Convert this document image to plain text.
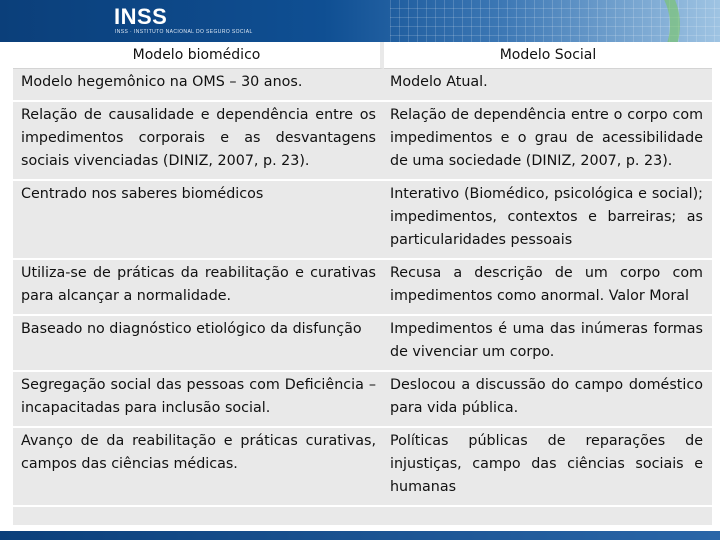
INSS
INSS · INSTITUTO NACIONAL DO SEGURO SOCIAL
Modelo biomédico	Modelo Social
Modelo hegemônico na OMS – 30 anos.	Modelo Atual.
Relação de causalidade e dependência entre os impedimentos corporais e as desvantagens sociais vivenciadas (DINIZ, 2007, p. 23).	Relação de dependência entre o corpo com impedimentos e o grau de acessibilidade de uma sociedade (DINIZ, 2007, p. 23).
Centrado nos saberes biomédicos	Interativo (Biomédico, psicológica e social); impedimentos, contextos e barreiras; as particularidades pessoais
Utiliza-se de práticas da reabilitação e curativas para alcançar a normalidade.	Recusa a descrição de um corpo com impedimentos como anormal. Valor Moral
Baseado no diagnóstico etiológico da disfunção	Impedimentos é uma das inúmeras formas de vivenciar um corpo.
Segregação social das pessoas com Deficiência – incapacitadas para inclusão social.	Deslocou a discussão do campo doméstico para vida pública.
Avanço de da reabilitação e práticas curativas, campos das ciências médicas.	Políticas públicas de reparações de injustiças, campo das ciências sociais e humanas
